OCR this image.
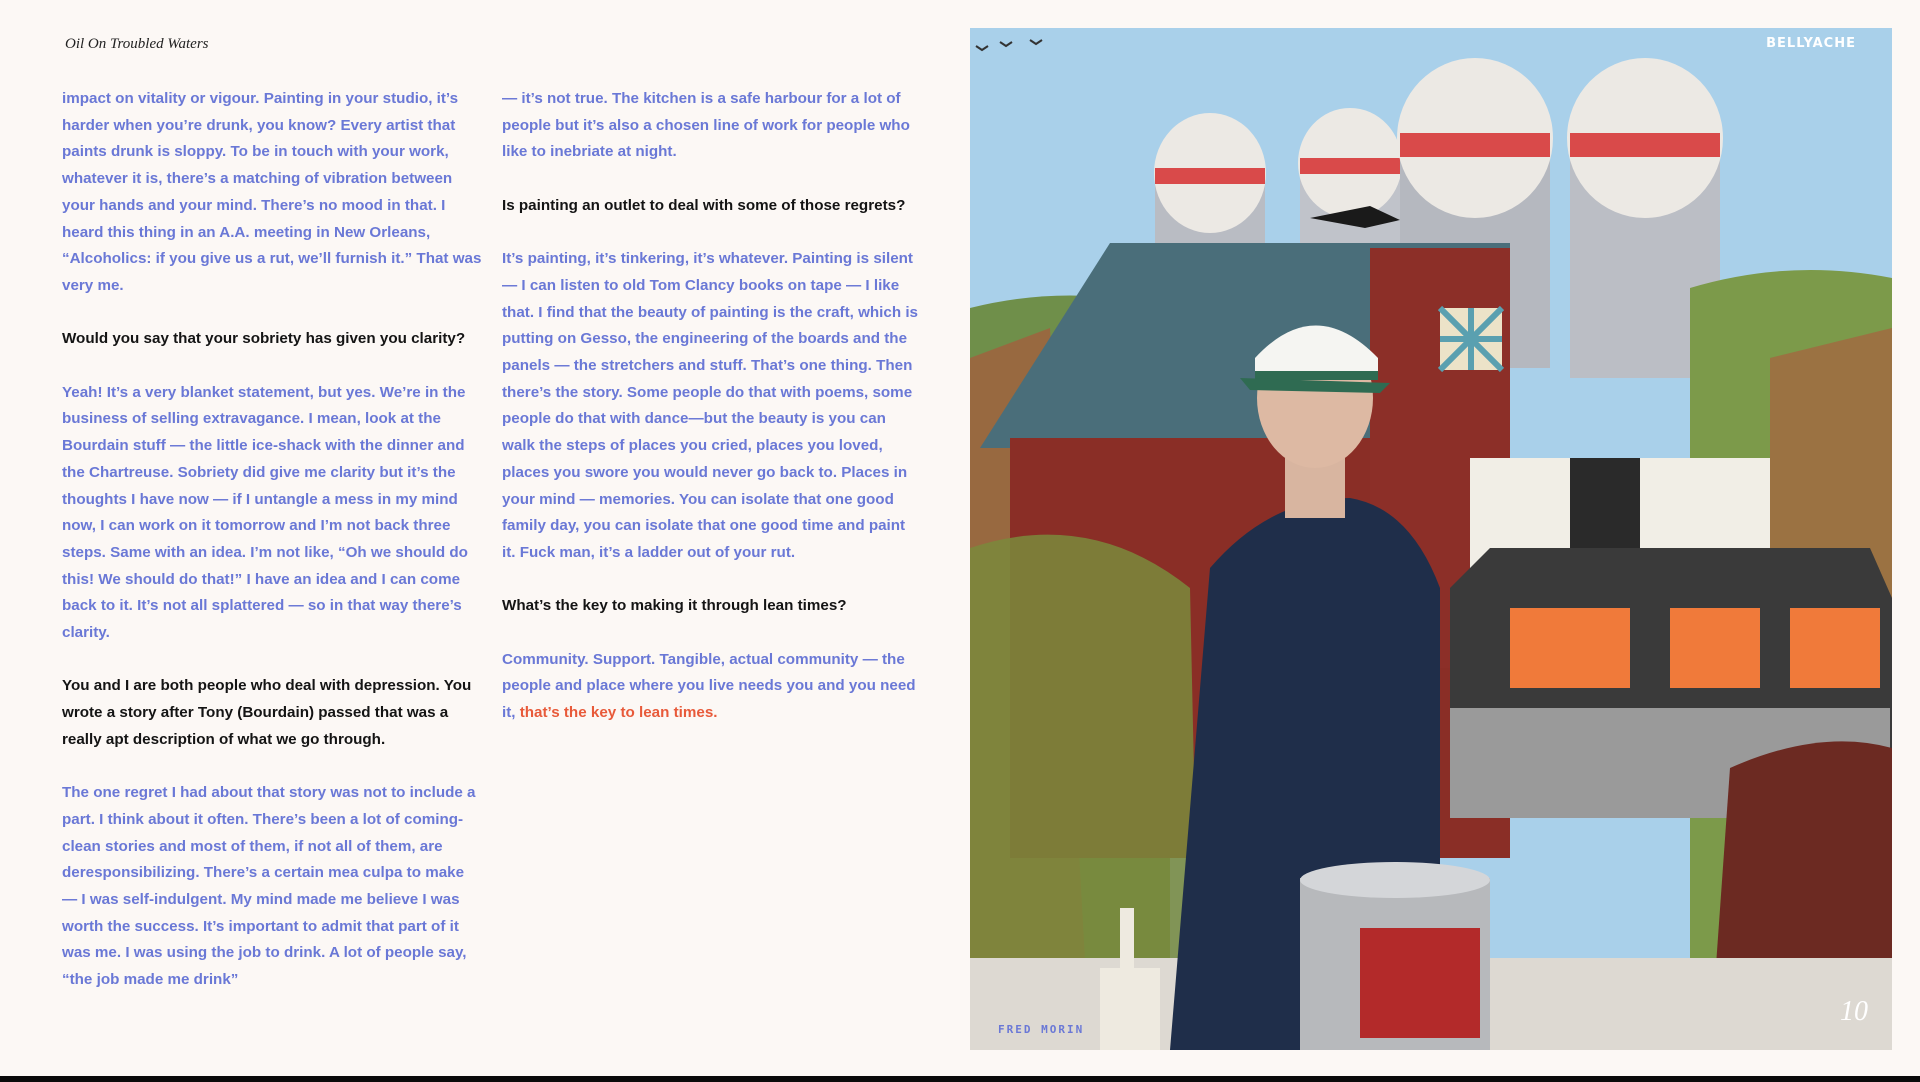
Oil On Troubled Waters

impact on vitality or vigour. Painting in your studio, it’s harder when you’re drunk, you know? Every artist that paints drunk is sloppy. To be in touch with your work, whatever it is, there’s a matching of vibration between your hands and your mind. There’s no mood in that. I heard this thing in an A.A. meeting in New Orleans, “Alcoholics: if you give us a rut, we’ll furnish it.” That was very me.

Would you say that your sobriety has given you clarity?

Yeah! It’s a very blanket statement, but yes. We’re in the business of selling extravagance. I mean, look at the Bourdain stuff — the little ice-shack with the dinner and the Chartreuse. Sobriety did give me clarity but it’s the thoughts I have now — if I untangle a mess in my mind now, I can work on it tomorrow and I’m not back three steps. Same with an idea. I’m not like, “Oh we should do this! We should do that!” I have an idea and I can come back to it. It’s not all splattered — so in that way there’s clarity.

You and I are both people who deal with depression. You wrote a story after Tony (Bourdain) passed that was a really apt description of what we go through.

The one regret I had about that story was not to include a part. I think about it often. There’s been a lot of coming-clean stories and most of them, if not all of them, are deresponsibilizing. There’s a certain mea culpa to make — I was self-indulgent. My mind made me believe I was worth the success. It’s important to admit that part of it was me. I was using the job to drink. A lot of people say, “the job made me drink”

— it’s not true. The kitchen is a safe harbour for a lot of people but it’s also a chosen line of work for people who like to inebriate at night.

Is painting an outlet to deal with some of those regrets?

It’s painting, it’s tinkering, it’s whatever. Painting is silent — I can listen to old Tom Clancy books on tape — I like that. I find that the beauty of painting is the craft, which is putting on Gesso, the engineering of the boards and the panels — the stretchers and stuff. That’s one thing. Then there’s the story. Some people do that with poems, some people do that with dance—but the beauty is you can walk the steps of places you cried, places you loved, places you swore you would never go back to. Places in your mind — memories. You can isolate that one good family day, you can isolate that one good time and paint it. Fuck man, it’s a ladder out of your rut.

What’s the key to making it through lean times?

Community. Support. Tangible, actual community — the people and place where you live needs you and you need it, that’s the key to lean times.

BELLYACHE
FRED MORIN
10
